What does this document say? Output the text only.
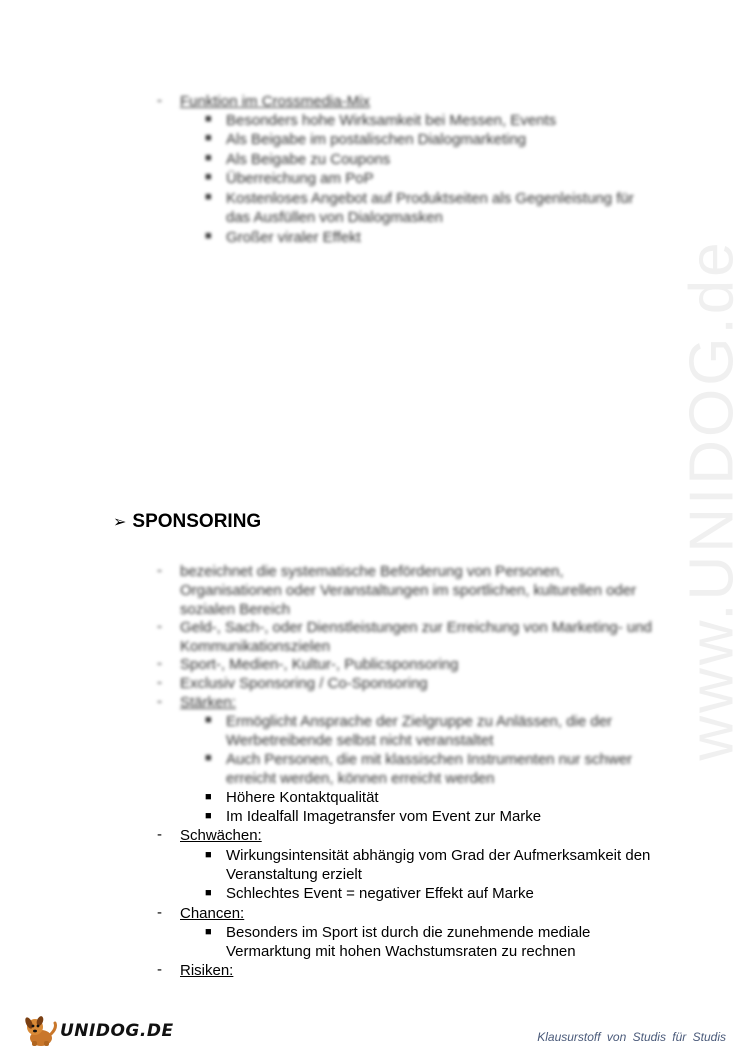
www.UNIDOG.de
- Funktion im Crossmedia-Mix
■ Besonders hohe Wirksamkeit bei Messen, Events
■ Als Beigabe im postalischen Dialogmarketing
■ Als Beigabe zu Coupons
■ Überreichung am PoP
■ Kostenloses Angebot auf Produktseiten als Gegenleistung für
das Ausfüllen von Dialogmasken
■ Großer viraler Effekt
➢ SPONSORING
- bezeichnet die systematische Beförderung von Personen,
Organisationen oder Veranstaltungen im sportlichen, kulturellen oder
sozialen Bereich
- Geld-, Sach-, oder Dienstleistungen zur Erreichung von Marketing- und
Kommunikationszielen
- Sport-, Medien-, Kultur-, Publicsponsoring
- Exclusiv Sponsoring / Co-Sponsoring
- Stärken:
■ Ermöglicht Ansprache der Zielgruppe zu Anlässen, die der
Werbetreibende selbst nicht veranstaltet
■ Auch Personen, die mit klassischen Instrumenten nur schwer
erreicht werden, können erreicht werden
■ Höhere Kontaktqualität
■ Im Idealfall Imagetransfer vom Event zur Marke
- Schwächen:
■ Wirkungsintensität abhängig vom Grad der Aufmerksamkeit den
Veranstaltung erzielt
■ Schlechtes Event = negativer Effekt auf Marke
- Chancen:
■ Besonders im Sport ist durch die zunehmende mediale
Vermarktung mit hohen Wachstumsraten zu rechnen
- Risiken:
UNIDOG.DE	Klausurstoff von Studis für Studis
